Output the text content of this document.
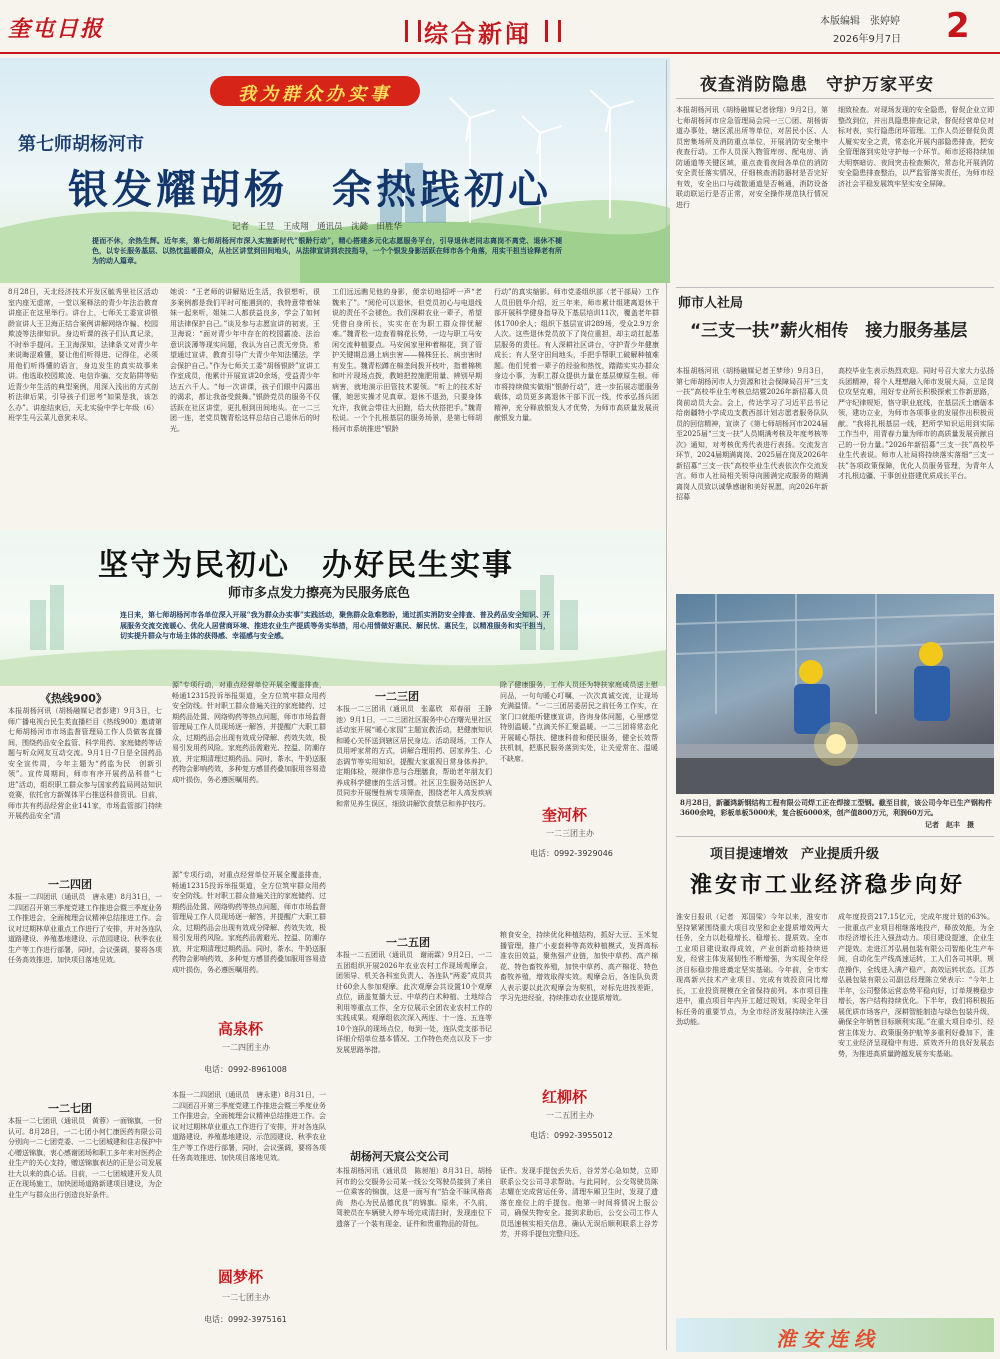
奎屯日报	综合新闻	本版编辑　张婷婷
2026年9月7日 2
我为群众办实事
第七师胡杨河市
银发耀胡杨　余热践初心
记者　王昱　王成翔　通讯员　沈懿　田胜华
提而不休，余热生辉。近年来，第七师胡杨河市深入实施新时代“银龄行动”，精心搭建多元化志愿服务平台，引导退休老同志离岗不离党、退休不褪色，以专长服务基层、以热忱温暖群众，从社区讲堂到田间地头，从法律宣讲到农技指导，一个个银发身影活跃在师市各个角落，用实干担当诠释老有所为的动人篇章。
8月28日，天北经济技术开发区毓秀里社区活动室内座无虚席，一堂以案释法的青少年法治教育讲座正在这里举行。讲台上，七师关工委宣讲银龄宣讲人王卫海正结合案例讲解网络诈骗、校园欺凌等法律知识。身边听课的孩子们认真记录，不时举手提问。王卫海深知，法律条文对青少年来说晦涩难懂，要让他们听得进、记得住，必须用他们听得懂的语言，身边发生的真实故事来讲。他选取校园欺凌、电信诈骗、交友陷阱等贴近青少年生活的典型案例，用深入浅出的方式剖析法律后果，引导孩子们思考“如果是我，该怎么办”。讲座结束后，天北实验中学七年级（6）班学生马云菜儿意犹未尽。
她说：“王老师的讲解贴近生活，我很想听，很多案例都是我们平时可能遇到的，我特意带着妹妹一起来听，姐妹二人都获益良多，学会了如何用法律保护自己。”谈及参与志愿宣讲的初衷，王卫海说：“面对青少年中存在的校园霸凌、法治意识淡薄等现实问题，我认为自己责无旁贷。希望通过宣讲，教育引导广大青少年知法懂法，学会保护自己。”作为七师关工委“胡杨银龄”宣讲工作室成员，他累计开展宣讲20余场，受益青少年达五六千人。“每一次讲课，孩子们眼中闪露出的渴求，都让我备受鼓舞。”银龄党员的服务不仅活跃在社区讲堂，更扎根到田间地头。在一二三团一连，老党员魏青松这样总结自己退休后的时光。
工们远远瞧见他的身影，便亲切地招呼一声“老魏来了”。“阅伦可以退休，但党员初心与电退线说的责任不会褪色。我们深耕农业一辈子，希望凭借自身所长，实实在在为职工群众排忧解难。”魏青松一边查看棉花长势，一边与职工马安闲交流种植要点。马安闲家里种着棉花，到了管护关键期总遇上病虫害——棉株狂长、病虫害时有发生。魏青松蹲在棉垄间拨开枝叶，指着棉桃和叶片现场点拨，教她把控施肥用量、辨别早期病害，就地演示田管技术要领。“听上的技术好懂，她思实操才见真章。退休不退劲，只要身体允许，我就会带往大田跑，给大伙搭把手。”魏青松说。一个个扎根基层的服务场景，是第七师胡杨河市系统推进“银龄
行动”的真实缩影。师市党委组织部（老干部局）工作人员田胜华介绍，近三年来，师市累计组建离退休干部开展科学健身指导及下基层培训11次，覆盖老年群体1700余人；组织下基层宣讲289场，受众2.9万余人次。这些退休党员放下了岗位重担，却主动扛起基层服务的责任。有人深耕社区讲台，守护青少年健康成长；有人坚守田间地头，手把手帮职工破解种植难题。他们凭着一辈子的经验和热忱，踏踏实实办群众身边小事，为职工群众提供力量在基层燎原生根。师市将持续做实做细“银龄行动”，进一步拓展志愿服务载体，动员更多离退休干部下沉一线，传承弘扬兵团精神，充分释放银发人才优势，为师市高质量发展贡献银发力量。
夜查消防隐患　守护万家平安
本报胡杨河讯（胡杨融媒记者徐翔）9月2日，第七师胡杨河市应急管理局会同一三〇团、胡杨街道办事处，辖区派出所等单位，对居民小区、人员密集场所及消防重点单位，开展消防安全集中夜查行动。工作人员深入物管库房、配电房、消防通道等关键区域，重点查看夜间各单位的消防安全责任落实情况，仔细核查消防器材是否完好有效，安全出口与疏散通道是否畅通，消防设备联动联运行是否正常，对安全操作规范执行情况进行
细致检查。对现场发现的安全隐患，督促企业立即整改到位，并出具隐患排查记录，督促经营单位对标对表，实行隐患闭环管理。工作人员还督促负责人履实安全之责，常态化开展内部隐患排查，把安全管理落到实处守护每一个环节。师市还将持续加大明察暗访、夜间突击检查频次，常态化开展消防安全隐患排查整治，以严监管落实责任，为师市经济社会平稳发展筑牢坚实安全屏障。
师市人社局
“三支一扶”薪火相传　接力服务基层
本报胡杨河讯（胡杨融媒记者王梦珍）9月3日，第七师胡杨河市人力资源和社会保障局召开“三支一扶”高校毕业生考核总结暨2026年新招募人员岗前动员大会。会上，传达学习了习近平总书记给南疆特小学成边支教西部计划志愿者服务队队员的回信精神，宣读了《第七师胡杨河市2024届至2025届“三支一扶”人员期满考核及年度考核等次》通知，对考核优秀代表进行表扬。交流发言环节，2024届期满离岗、2025届在岗及2026年新招募“三支一扶”高校毕业生代表依次作交流发言。师市人社局相关领导向圆满完成服务的期满离岗人员致以诚挚感谢和美好祝愿，向2026年新招募
高校毕业生表示热烈欢迎。同时号召大家大力弘扬兵团精神，将个人理想融入师市发展大局，立足岗位攻坚克难，用好专业所长积极探索工作新思路，严守纪律规矩，恪守职业底线，在基层沃土磨砺本领，建功立业，为师市各项事业的发展作出积极贡献。“我将扎根基层一线，把所学知识运用到实际工作当中，用青春力量为师市的高质量发展贡献自己的一份力量。”2026年新招募“三支一扶”高校毕业生代表说。师市人社局将持续落实落细“三支一扶”各项政策保障，优化人员服务管理，为青年人才扎根边疆、干事创业搭建优质成长平台。
8月28日，新疆鸿新钢结构工程有限公司焊工正在焊接工型钢。截至目前，该公司今年已生产钢构件3600余吨，彩板单板5000米，复合板6000米，创产值800万元，利润60万元。
记者　赵丰　摄
项目提速增效　产业提质升级
淮安市工业经济稳步向好
淮安日报讯（记者　郑国梁）今年以来，淮安市坚持紧紧围绕重大项目攻坚和企业提质增效两大任务，全力以赴稳增长、稳增长、提质效。全市工业项目建设取得成效，产业创新动能持续迸发，经营主体发展韧性不断增强，为实现全年经济目标稳步推进奠定坚实基础。今年前，全市实现高新兴技术产业项目、完成有效投资同比增长，工业投资规模在全省保持前列。本市项目推进中，重点项目年内开工超过规划，实现全年目标任务的重要节点，为全市经济发展持续注入强劲动能。
成年度投资217.15亿元，完成年度计划的63%。一批重点产业项目相继落地投产，释放效能，为全市经济增长注入强劲动力。项目建设提速，企业生产提效。走进江苏弘晨包装有限公司智能化生产车间，自动化生产线高速运转，工人们各司其职，规范操作，全线进入满产稳产、高效运转状态。江苏弘晨包装有限公司副总经理陈立荣表示：“今年上半年，公司整体运营态势平稳向好，订单规模稳步增长，客户结构持续优化。下半年，我们将积极拓展优质市场客户，深耕智能制造与绿色包装升级，确保全年销售目标顺利实现。”在重大项目牵引、经营主体发力、政策服务护航等多重利好叠加下，淮安工业经济呈现稳中有进、质效齐升的良好发展态势，为推进高质量跨越发展夯实基础。
淮安连线
坚守为民初心　办好民生实事
师市多点发力擦亮为民服务底色
连日来，第七师胡杨河市各单位深入开展“我为群众办实事”实践活动，聚焦群众急难愁盼，通过抓实消防安全排查、普及药品安全知识、开展服务交流交流暖心、优化人居营商环境、推进农业生产提质等务实举措，用心用情做好惠民、解民忧、惠民生，以精准服务和实干担当，切实提升群众与市场主体的获得感、幸福感与安全感。
《热线900》
本报胡杨河讯（胡杨融媒记者彭建）9月3日，七师广播电视台民生类直播栏目《热线900》邀请第七师胡杨河市市场监督管理局工作人员做客直播间，围绕药品安全监管、科学用药、家庭储药等话题与听众网友互动交流。9月1日-7日是全国药品安全宣传周，今年主题为“药监为民　创新引领”。宣传周期间，师市有序开展药品科普“七进”活动，组织职工群众参与国家药监局网站知识竞赛，依托官方新媒体平台推送科普资讯。目前，师市共有药品经营企业141家，市场监管部门持续开展药品安全“清
源”专项行动，对重点经营单位开展全覆盖排查，畅通12315投诉举报渠道，全方位筑牢群众用药安全防线。针对职工群众普遍关注的家庭储药、过期药品处置、网络购药等热点问题，师市市场监督管理局工作人员现场逐一解答，并提醒广大职工群众，过期药品会出现有效成分降解、药效失效，极易引发用药风险。家庭药品需避光、控温、防潮存放，并定期清理过期药品。同时，茶水、牛奶送服药物会影响药效，多种复方感冒药叠加服用容易造成叶损伤，务必遵医嘱用药。
一二三团
本报一二三团讯（通讯员　张嘉欣　郑春丽　王静池）9月1日，一二三团社区服务中心在曙光里社区活动室开展“暖心家园”主题宣教活动，把健康知识和暖心关怀送到辖区居民身边。活动现场，工作人员用呼家常的方式，讲解合理用药、居家养生、心态调节等实用知识，提醒大家重视日常身体养护。定期体检，规律作息与合理膳食，帮助老年朋友们养成科学健康的生活习惯。社区卫生服务站医护人员同步开展慢性病专项筛查，围绕老年人高发疾病和常见养生误区，细致讲解饮食禁忌和养护技巧。
除了健康服务，工作人员还为特扶家庭成员送上慰问品，一句句暖心叮嘱，一次次真诚交流，让现场充满温情。“一二三团居委居民之前任务工作实，在家门口就能听健康宣讲，咨询身体问题，心里感觉特别温暖。”点滴关怀汇聚温暖。一二三团将常态化开展暖心帮扶、健康科普和便民服务，健全长效帮扶机制，把惠民服务落到实处，让关爱常在、温暖不缺席。
奎河杯
一二三团主办
电话：0992-3929046
一二四团
本报一二四团讯（通讯员　唐永建）8月31日，一二四团召开第三季度党建工作推进会暨三季度业务工作推进会，全面梳理会议精神总结推进工作。会议对过期林草业重点工作进行了安排，并对各连队道路建设、养殖基地建设、示范园建设、秋季农业生产等工作进行部署，同时，会议强调，要将各项任务高效推进、加快项目落地见效。
源”专项行动，对重点经营单位开展全覆盖排查，畅通12315投诉举报渠道，全方位筑牢群众用药安全防线。针对职工群众普遍关注的家庭储药、过期药品处置、网络购药等热点问题，师市市场监督管理局工作人员现场逐一解答，并提醒广大职工群众，过期药品会出现有效成分降解、药效失效，极易引发用药风险。家庭药品需避光、控温、防潮存放，并定期清理过期药品。同时，茶水、牛奶送服药物会影响药效，多种复方感冒药叠加服用容易造成叶损伤，务必遵医嘱用药。
高泉杯
一二四团主办
电话：0992-8961008
一二五团
本报一二五团讯（通讯员　谢雨霖）9月2日，一二五团组织开展2026年农业农村工作现场观摩会，团领导、机关各科室负责人、各连队“两委”成员共计60余人参加观摩。此次观摩会共设置10个观摩点位，涵盖复播大豆、中草药白术种植、土地综合利用等重点工作，全方位展示全团农业农村工作的实践成果。观摩组依次深入两连、十一连、五连等10个连队的现场点位，每到一处，连队党支部书记详细介绍单位基本情况、工作特色亮点以及下一步发展思路举措。
粮食安全，持续优化种植结构，抓好大豆、玉米复播管理，推广小麦套种等高效种植模式，发挥高标准农田效益，聚焦强产业链，加快中草药、高产棉花、特色畜牧养殖，加快中草药、高产棉花、特色畜牧养殖，增效取得实效。观摩会后，各连队负责人表示要以此次观摩会为契机，对标先进找差距，学习先进经验，持续推动农业提质增效。
红柳杯
一二五团主办
电话：0992-3955012
一二七团
本报一二七团讯（通讯员　黄蓉）一面锦旗，一份认可。8月28日，一二七团小何仁康医药有限公司分别向一二七团党委、一二七团城建和住志保护中心赠送锦旗，衷心感谢团场和职工多年来对医药企业生产的关心支持，赠送锦旗表达的正是公司发展壮大以来的真心话。目前，一二七团城建开发人员正在现场施工，加快团场道路新建项目建设，为企业生产与群众出行创造良好条件。
本报一二四团讯（通讯员　唐永建）8月31日，一二四团召开第三季度党建工作推进会暨三季度业务工作推进会，全面梳理会议精神总结推进工作。会议对过期林草业重点工作进行了安排，并对各连队道路建设、养殖基地建设、示范园建设、秋季农业生产等工作进行部署，同时，会议强调，要将各项任务高效推进、加快项目落地见效。
圆梦杯
一二七团主办
电话：0992-3975161
胡杨河天宸公交公司
本报胡杨河讯（通讯员　陈昶旭）8月31日，胡杨河市的公交服务公司某一线公交驾驶员接到了来自一位乘客的锦旗，这是一面写有“拾金不昧风格高尚　热心为民品德优良”的锦旗。原来，不久前，驾驶员在车辆驶入停车场完成清扫时，发现座位下遗落了一个装有现金、证件和贵重物品的背包。
证件。发现手提包丢失后，谷芳芳心急如焚，立即联系公交公司寻求帮助。与此同时，公交驾驶员陈志耀在完成营运任务、清理车厢卫生时，发现了遗落在座位上的手提包。他第一时间将情况上报公司，确保失物安全。接到求助后，公交公司工作人员迅速核实相关信息，确认无误后顺利联系上谷芳芳，并将手提包完整归还。
